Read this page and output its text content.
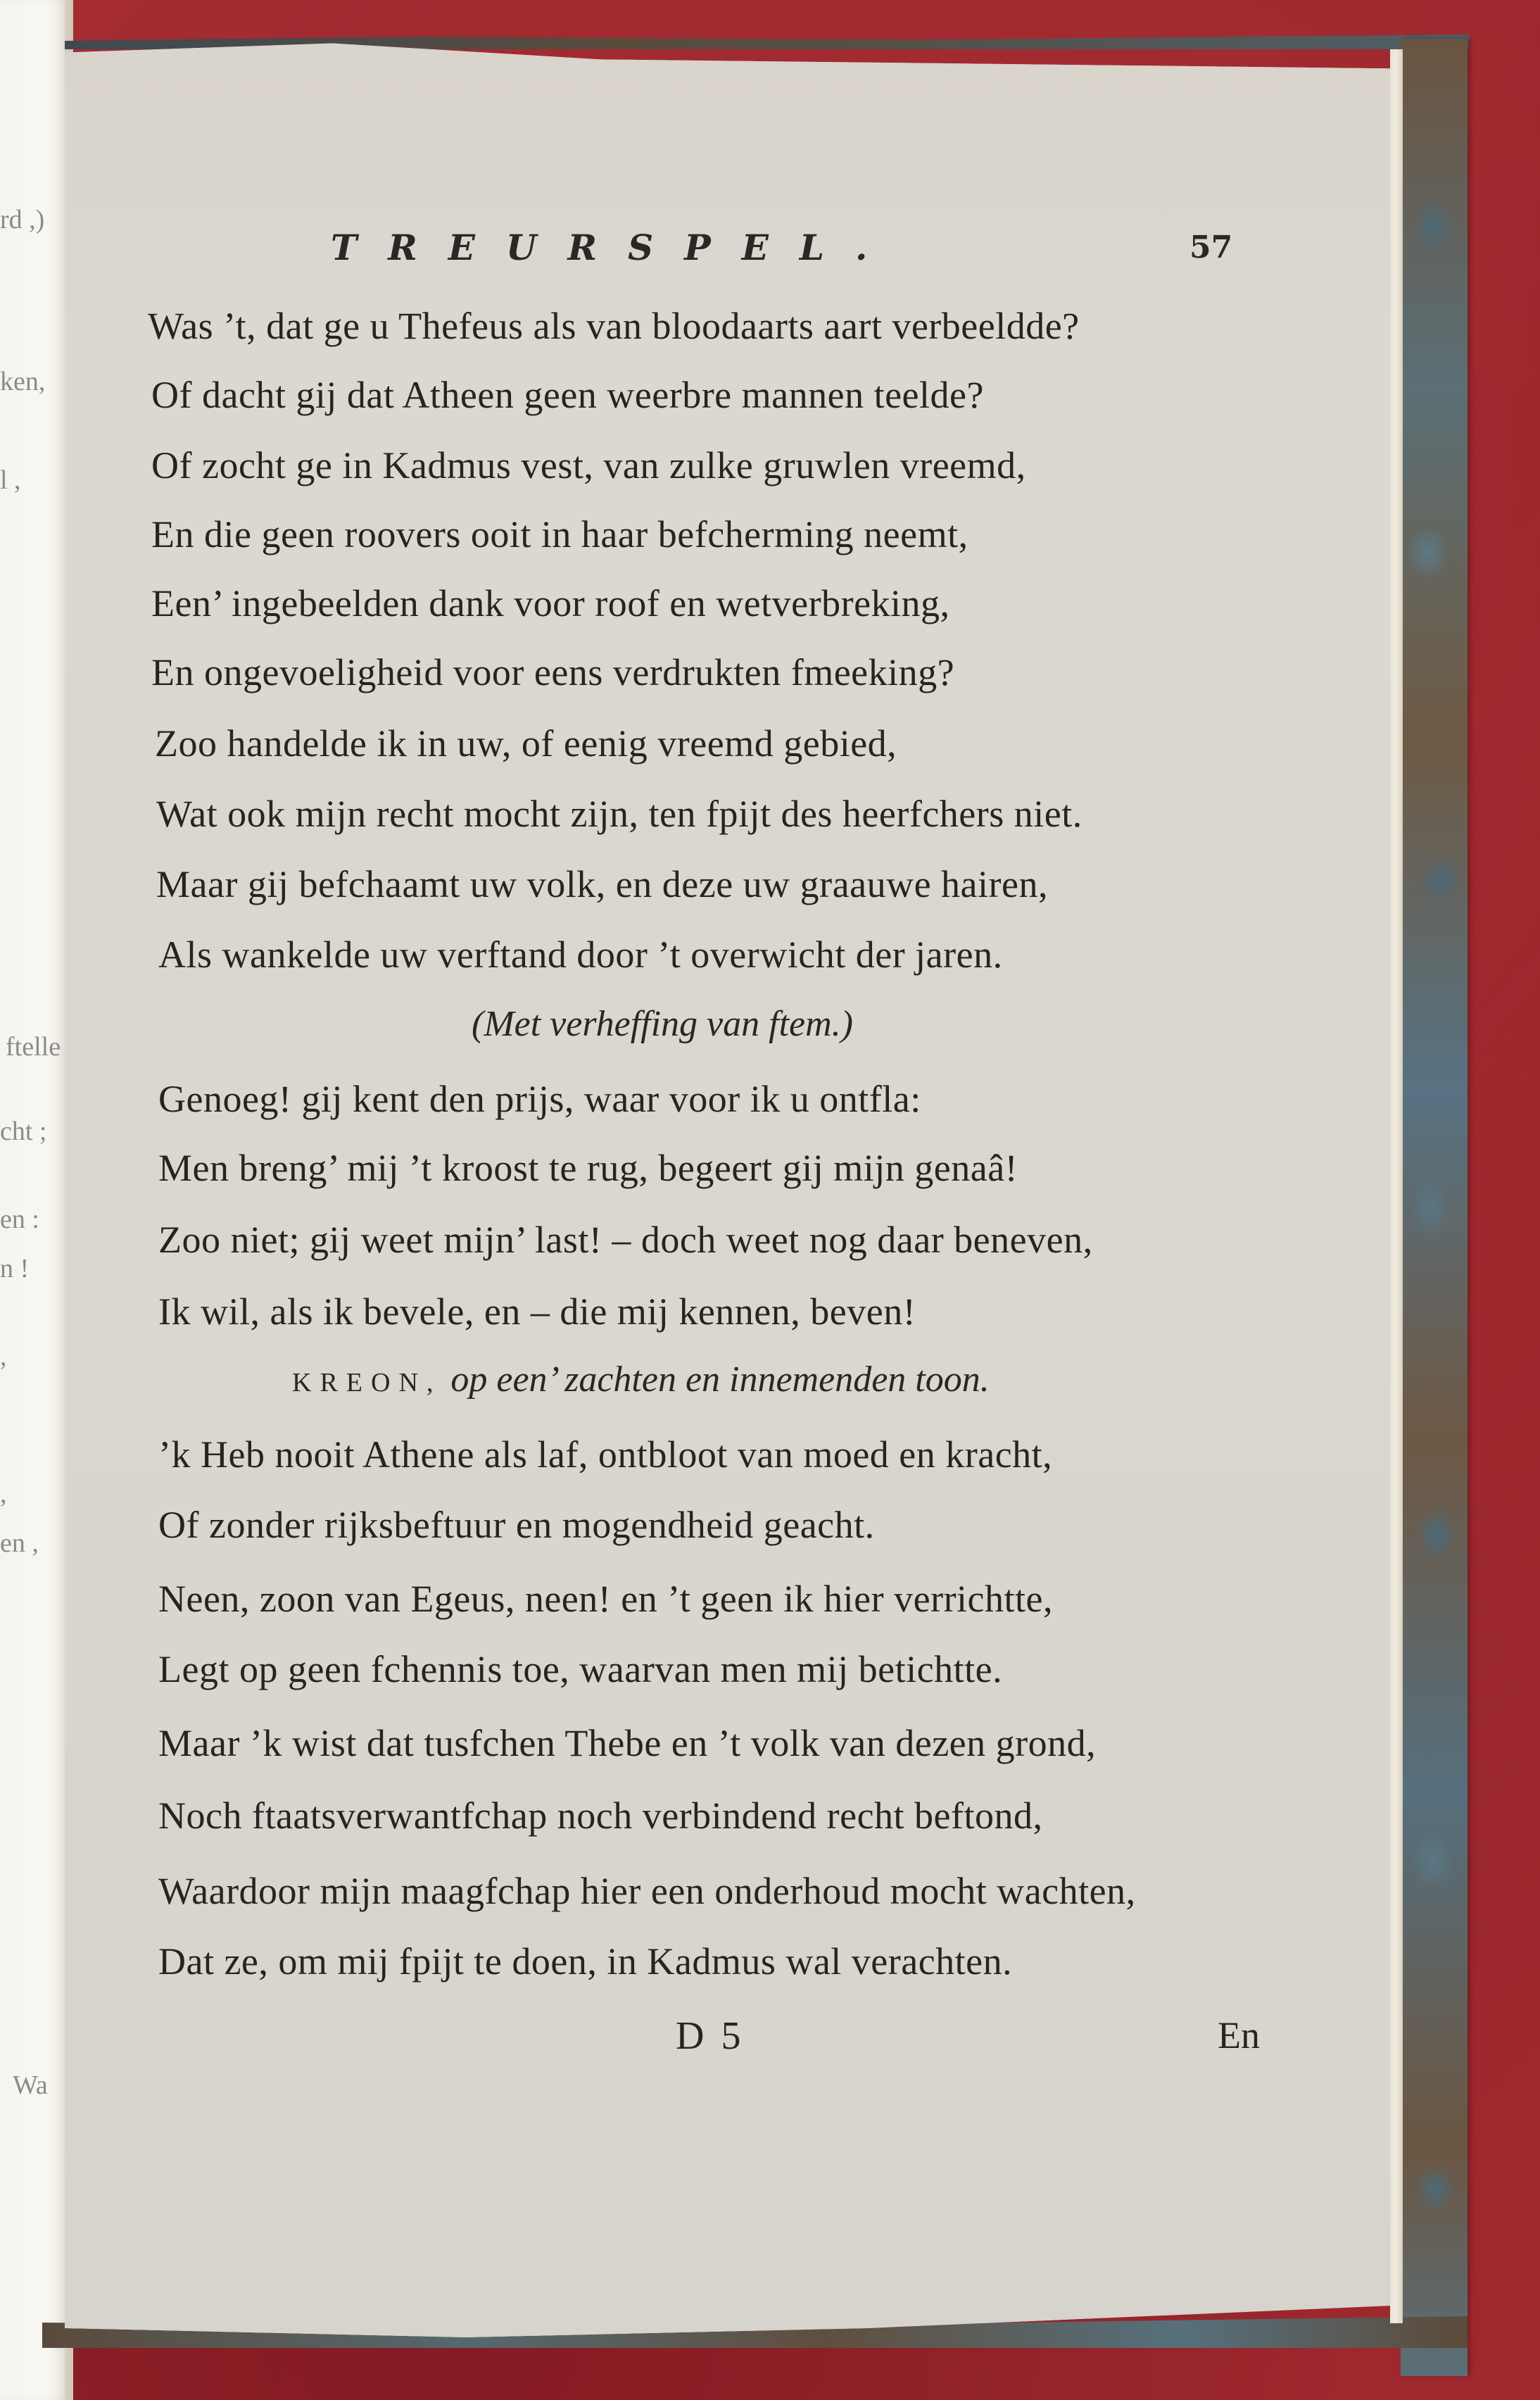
rd ,)
ken,
l ,
ftelle
cht ;
en :
n !
,
,
en ,
Wa
TREURSPEL.	57
Was ’t, dat ge u Thefeus als van bloodaarts aart verbeeldde?
Of dacht gij dat Atheen geen weerbre mannen teelde?
Of zocht ge in Kadmus vest, van zulke gruwlen vreemd,
En die geen roovers ooit in haar befcherming neemt,
Een’ ingebeelden dank voor roof en wetverbreking,
En ongevoeligheid voor eens verdrukten fmeeking?
Zoo handelde ik in uw, of eenig vreemd gebied,
Wat ook mijn recht mocht zijn, ten fpijt des heerfchers niet.
Maar gij befchaamt uw volk, en deze uw graauwe hairen,
Als wankelde uw verftand door ’t overwicht der jaren.
(Met verheffing van ftem.)
Genoeg! gij kent den prijs, waar voor ik u ontfla:
Men breng’ mij ’t kroost te rug, begeert gij mijn genaâ!
Zoo niet; gij weet mijn’ last! – doch weet nog daar beneven,
Ik wil, als ik bevele, en – die mij kennen, beven!
KREON, op een’ zachten en innemenden toon.
’k Heb nooit Athene als laf, ontbloot van moed en kracht,
Of zonder rijksbeftuur en mogendheid geacht.
Neen, zoon van Egeus, neen! en ’t geen ik hier verrichtte,
Legt op geen fchennis toe, waarvan men mij betichtte.
Maar ’k wist dat tusfchen Thebe en ’t volk van dezen grond,
Noch ftaatsverwantfchap noch verbindend recht beftond,
Waardoor mijn maagfchap hier een onderhoud mocht wachten,
Dat ze, om mij fpijt te doen, in Kadmus wal verachten.
D 5	En
